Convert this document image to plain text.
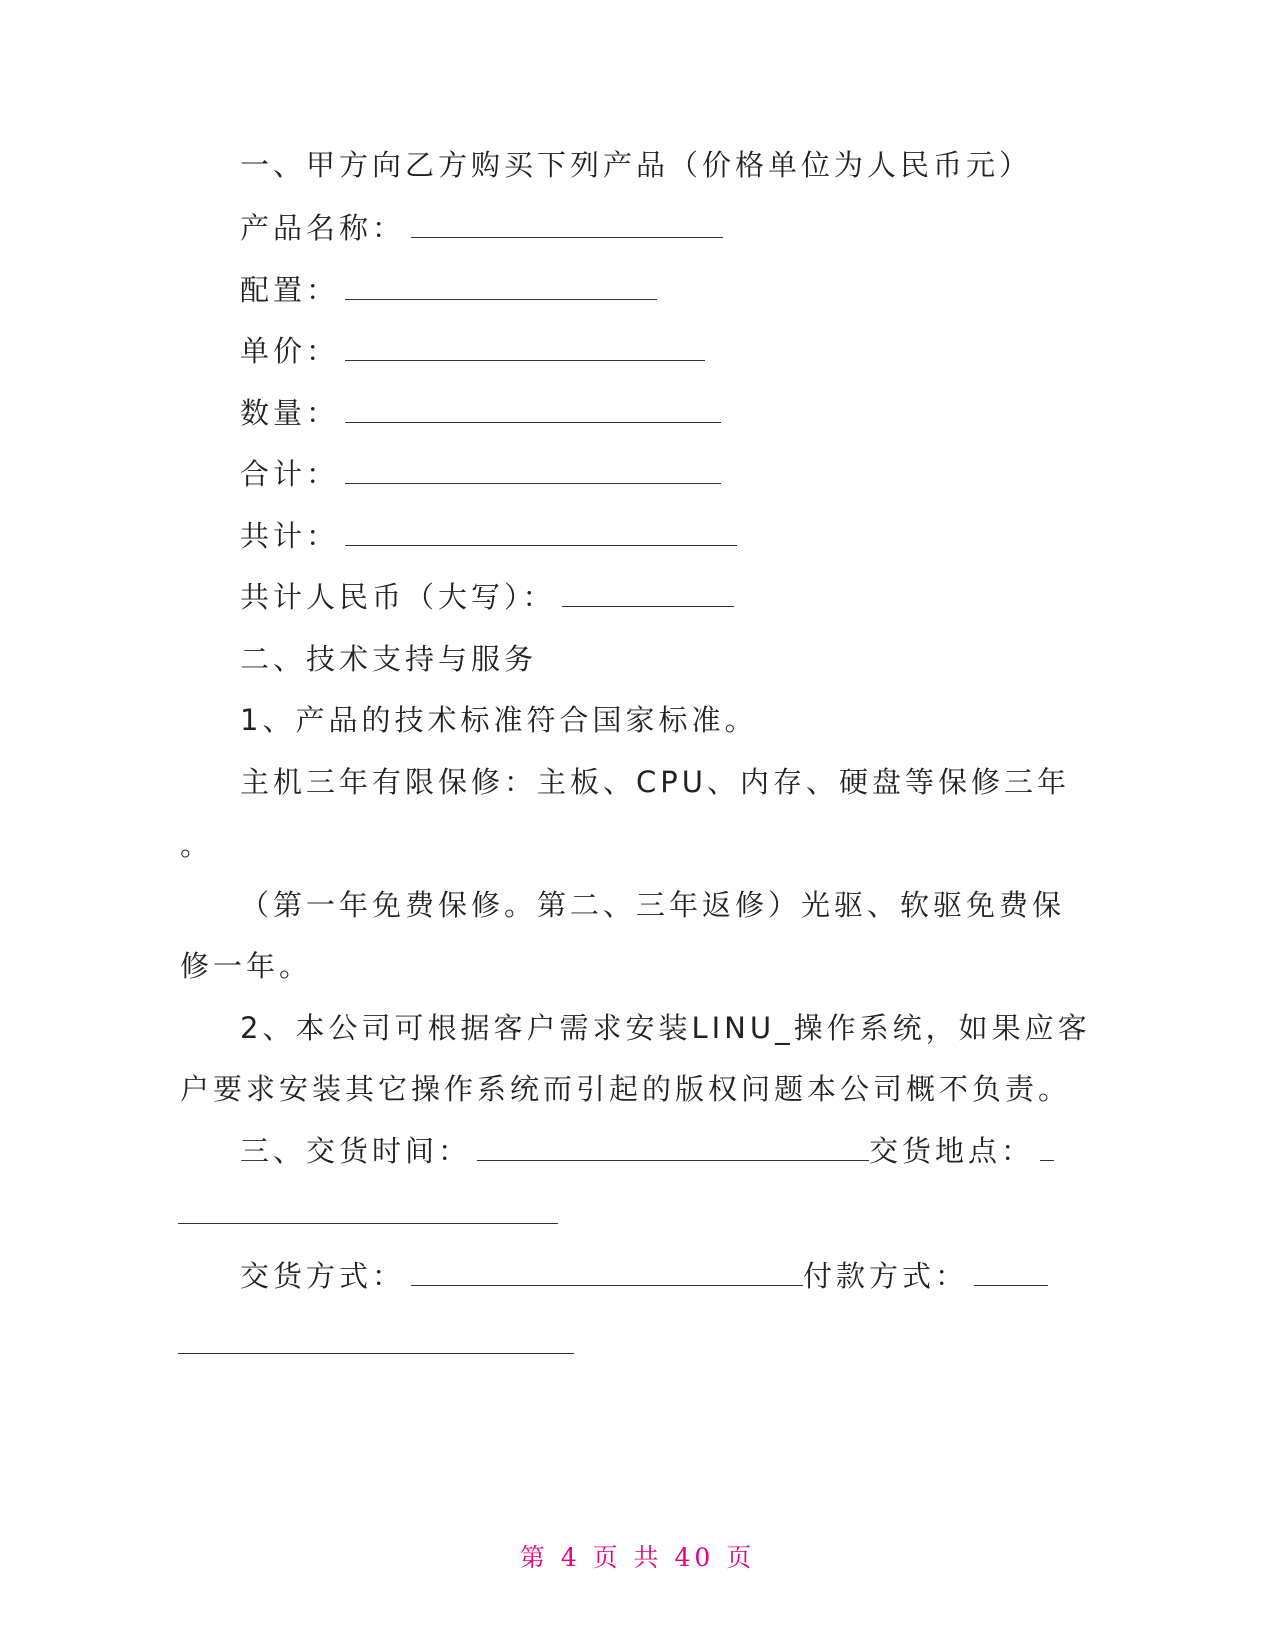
一、甲方向乙方购买下列产品（价格单位为人民币元）
产品名称：
配置：
单价：
数量：
合计：
共计：
共计人民币（大写）：
二、技术支持与服务
1、产品的技术标准符合国家标准。
主机三年有限保修：主板、CPU、内存、硬盘等保修三年
。
（第一年免费保修。第二、三年返修）光驱、软驱免费保
修一年。
2、本公司可根据客户需求安装LINU_操作系统，如果应客
户要求安装其它操作系统而引起的版权问题本公司概不负责。
三、交货时间：	交货地点：
交货方式：	付款方式：
第 4 页 共 40 页
